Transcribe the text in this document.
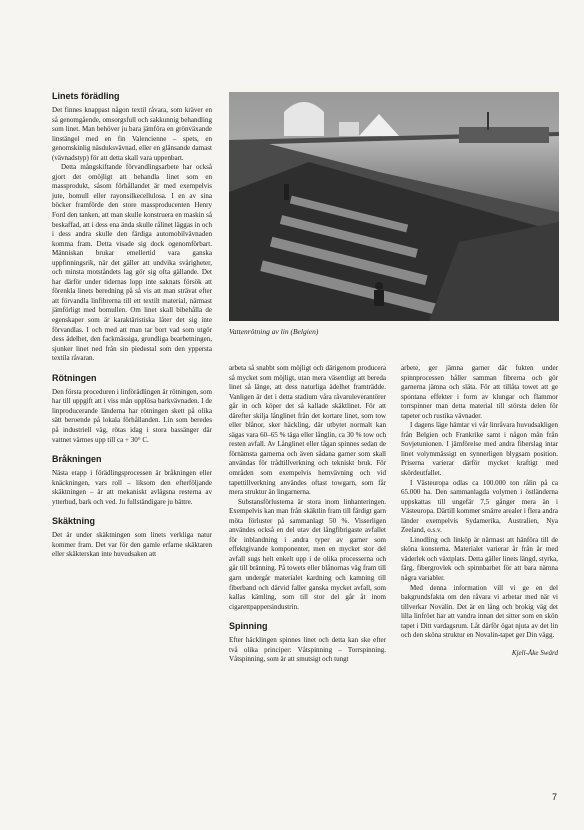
Linets förädling

Det finnes knappast någon textil råvara, som kräver en så genomgående, omsorgsfull och sakkunnig behandling som linet. Man behöver ju bara jämföra en grönväxande linstängel med en fin Valencienne – spets, en genomskinlig näsduksvävnad, eller en glänsande damast (vävnadstyp) för att detta skall vara uppenbart.

Detta mångskiftande förvandlingsarbete har också gjort det omöjligt att behandla linet som en massprodukt, såsom förhållandet är med exempelvis jute, bomull eller rayonsilkecellulosa. I en av sina böcker framförde den store massproducenten Henry Ford den tanken, att man skulle konstruera en maskin så beskaffad, att i dess ena ända skulle rålinet läggas in och i dess andra skulle den färdiga automobilvävnaden komma fram. Detta visade sig dock ogenomförbart. Människan brukar emellertid vara ganska uppfinningsrik, när det gäller att undvika svårigheter, och minsta motståndets lag gör sig ofta gällande. Det har därför under tidernas lopp inte saknats försök att förenkla linets beredning på så vis att man strävat efter att förvandla linfibrerna till ett textilt material, närmast jämförligt med bomullen. Om linet skall bibehålla de egenskaper som är karaktäristiska låter det sig inte förvandlas. I och med att man tar bort vad som utgör dess ädelhet, den fackmässiga, grundliga bearbetningen, sjunker linet ned från sin piedestal som den yppersta textila råvaran.

Rötningen

Den första proceduren i linförädlingen är rötningen, som har till uppgift att i viss mån upplösa barkvävnaden. I de linproducerande länderna har rötningen skett på olika sätt beroende på lokala förhållanden. Lin som beredes på industriell väg, rötas idag i stora bassänger där vattnet värmes upp till ca + 30° C.

Bråkningen

Nästa etapp i förädlingsprocessen är bråkningen eller knäckningen, vars roll – liksom den efterföljande skäktningen – är att mekaniskt avlägsna resterna av ytterhud, bark och ved. Ju fullständigare ju bättre.

Skäktning

Det är under skäktningen som linets verkliga natur kommer fram. Det var för den gamle erfarne skäktaren eller skäkterskan inte huvudsaken att

Vattenrötning av lin (Belgien)

arbeta så snabbt som möjligt och därigenom producera så mycket som möjligt, utan mera väsentligt att bereda linet så länge, att dess naturliga ädelhet framträdde. Vanligen är det i detta stadium våra råvaruleverantörer går in och köper det så kallade skäktlinet. För att därefter skilja långlinet från det kortare linet, som tow eller blånor, sker häckling, där utbytet normalt kan sägas vara 60–65 % täga eller långlin, ca 30 % tow och resten avfall. Av Långlinet eller tågan spinnes sedan de förnämsta garnerna och även sådana garner som skall användas för trådtillverkning och tekniskt bruk. För områden som exempelvis hemvävning och vid tapettillverkning användes oftast towgarn, som får mera struktur än lingarnerna.

Substansförlusterna är stora inom linhanteringen. Exempelvis kan man från skäktlin fram till färdigt garn möta förluster på sammanlagt 50 %. Visserligen användes också en del utav det långfibrigaste avfallet för inblandning i andra typer av garner som effektgivande komponenter, men en mycket stor del avfall sugs helt enkelt upp i de olika processerna och går till bränning. På towets eller blånornas väg fram till garn undergår materialet kardning och kamning till fiberband och därvid faller ganska mycket avfall, som kallas kämling, som till stor del går åt inom cigarettpappersindustrin.

Spinning

Efter häcklingen spinnes linet och detta kan ske efter två olika principer: Våtspinning – Torrspinning. Våtspinning, som är att smutsigt och tungt

arbete, ger jämna garner där fukten under spinnprocessen håller samman fibrerna och gör garnerna jämna och släta. För att tillåta towet att ge spontana effekter i form av klungar och flammor torrspinner man detta material till största delen för tapeter och rustika vävnader.

I dagens läge hämtar vi vår linråvara huvudsakligen från Belgien och Frankrike samt i någon mån från Sovjetunionen. I jämförelse med andra fiberslag intar linet volymmässigt en synnerligen blygsam position. Priserna varierar därför mycket kraftigt med skördeutfallet.

I Västeuropa odlas ca 100.000 ton rålin på ca 65.000 ha. Den sammanlagda volymen i östländerna uppskattas till ungefär 7,5 gånger mera än i Västeuropa. Därtill kommer smärre arealer i flera andra länder exempelvis Sydamerika, Australien, Nya Zeeland, o.s.v.

Linodling och linköp är närmast att hänföra till de sköna konsterna. Materialet varierar år från år med väderlek och växtplats. Detta gäller linets längd, styrka, färg, fibergrovlek och spinnbarhet för att bara nämna några variabler.

Med denna information vill vi ge en del bakgrundsfakta om den råvara vi arbetar med när vi tillverkar Novalin. Det är en lång och brokig väg det lilla linfröet har att vandra innan det sitter som en skön tapet i Ditt vardagsrum. Låt därför ögat njuta av det lin och den sköna struktur en Novalin-tapet ger Din vägg.

Kjell-Åke Swärd
7
